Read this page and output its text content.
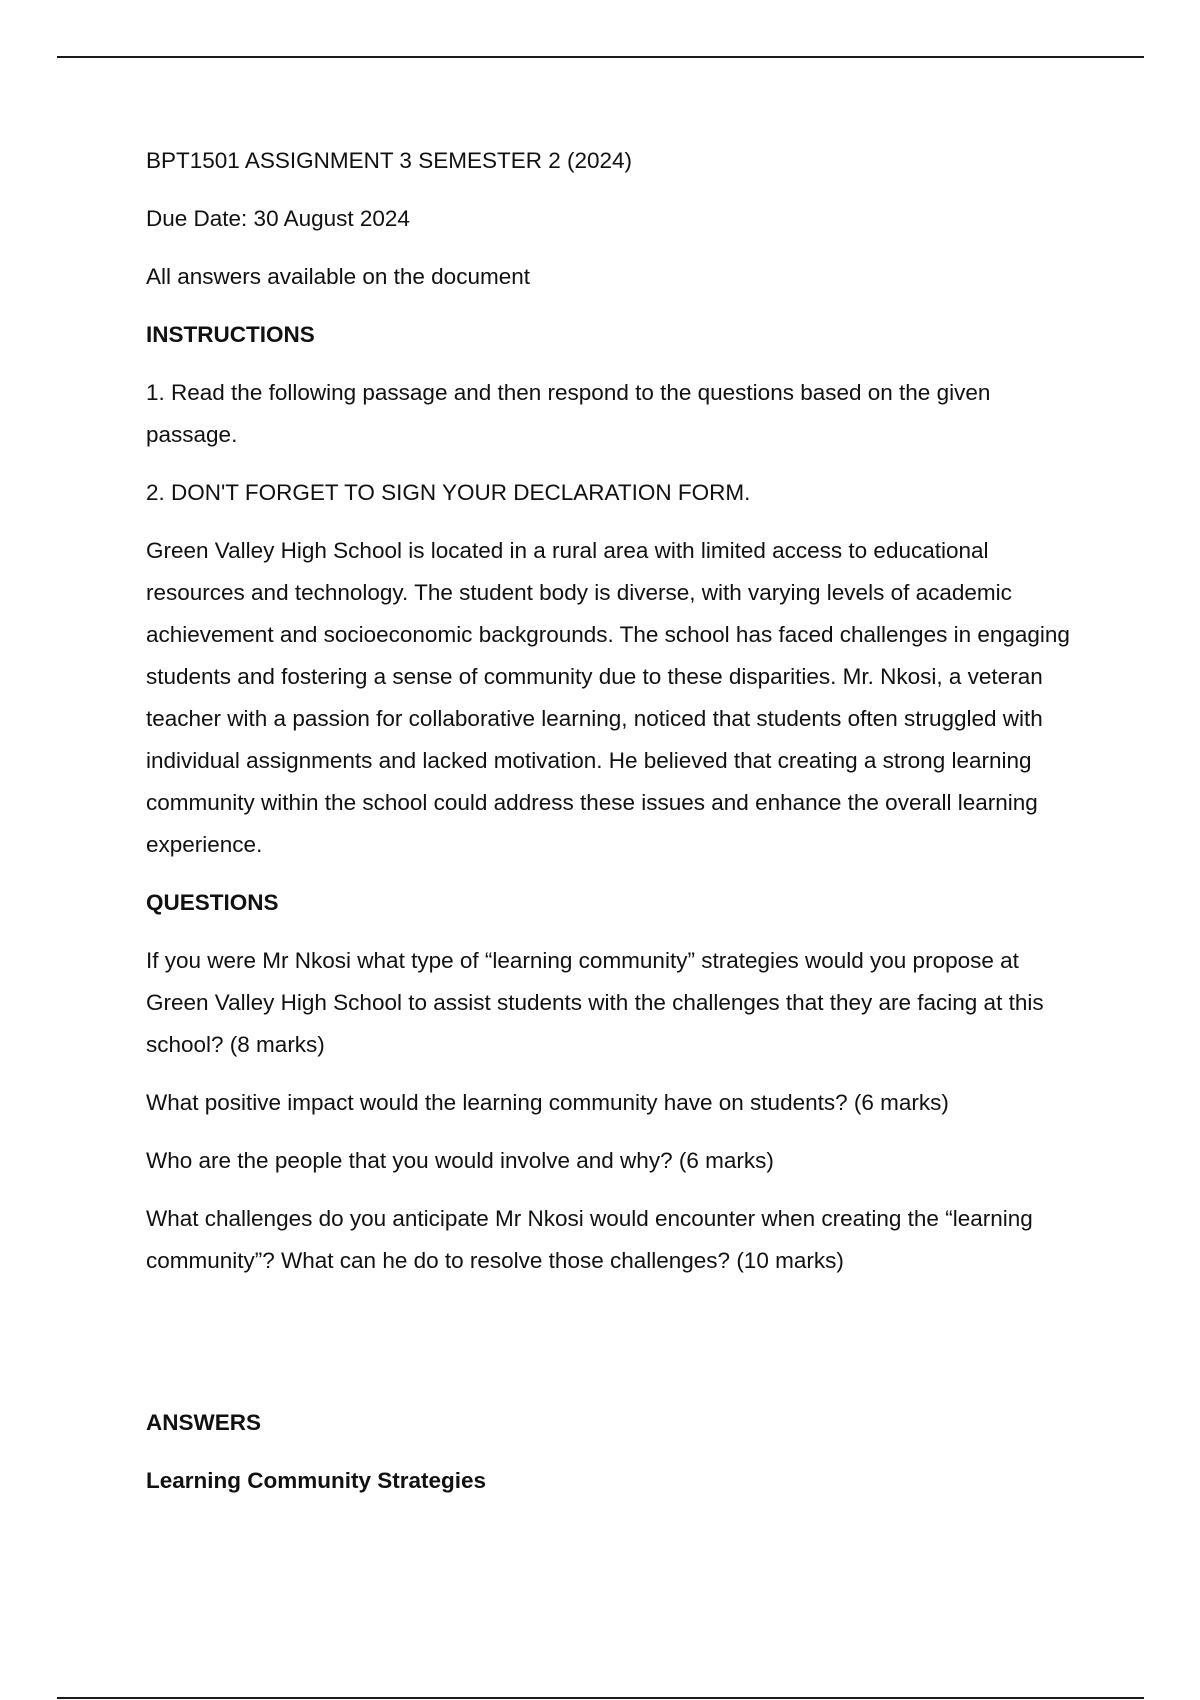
BPT1501 ASSIGNMENT 3 SEMESTER 2 (2024)

Due Date: 30 August 2024

All answers available on the document

INSTRUCTIONS

1. Read the following passage and then respond to the questions based on the given passage.

2. DON'T FORGET TO SIGN YOUR DECLARATION FORM.

Green Valley High School is located in a rural area with limited access to educational resources and technology. The student body is diverse, with varying levels of academic achievement and socioeconomic backgrounds. The school has faced challenges in engaging students and fostering a sense of community due to these disparities. Mr. Nkosi, a veteran teacher with a passion for collaborative learning, noticed that students often struggled with individual assignments and lacked motivation. He believed that creating a strong learning community within the school could address these issues and enhance the overall learning experience.

QUESTIONS

If you were Mr Nkosi what type of “learning community” strategies would you propose at Green Valley High School to assist students with the challenges that they are facing at this school? (8 marks)

What positive impact would the learning community have on students? (6 marks)

Who are the people that you would involve and why? (6 marks)

What challenges do you anticipate Mr Nkosi would encounter when creating the “learning community”? What can he do to resolve those challenges? (10 marks)

ANSWERS

Learning Community Strategies
